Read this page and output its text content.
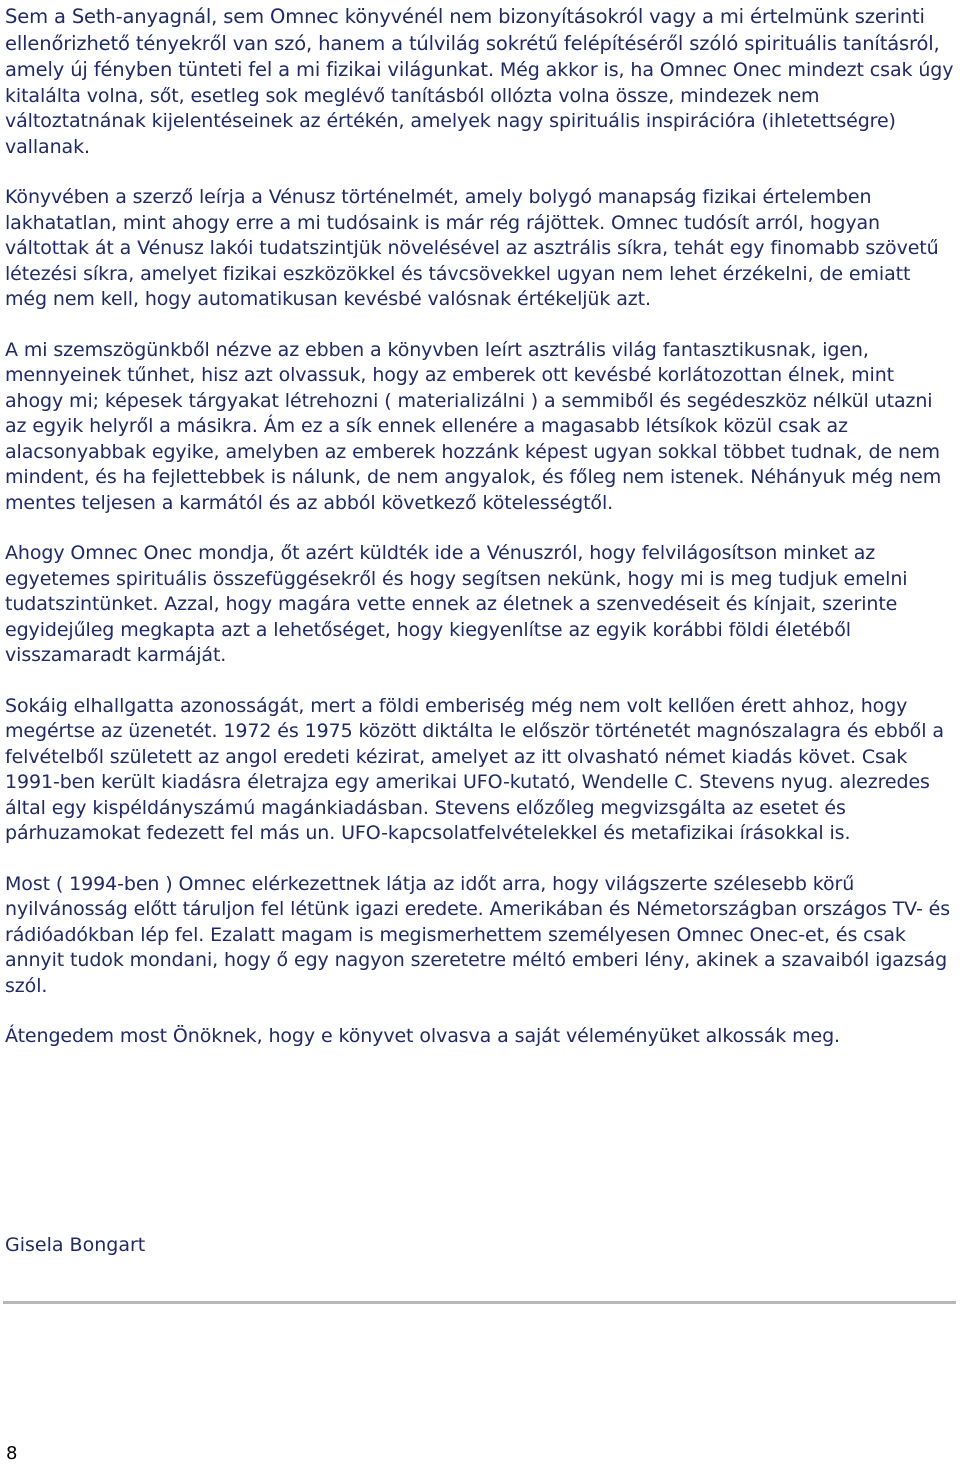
Sem a Seth-anyagnál, sem Omnec könyvénél nem bizonyításokról vagy a mi értelmünk szerinti ellenőrizhető tényekről van szó, hanem a túlvilág sokrétű felépítéséről szóló spirituális tanításról, amely új fényben tünteti fel a mi fizikai világunkat. Még akkor is, ha Omnec Onec mindezt csak úgy kitalálta volna, sőt, esetleg sok meglévő tanításból ollózta volna össze, mindezek nem változtatnának kijelentéseinek az értékén, amelyek nagy spirituális inspirációra (ihletettségre) vallanak.

Könyvében a szerző leírja a Vénusz történelmét, amely bolygó manapság fizikai értelemben lakhatatlan, mint ahogy erre a mi tudósaink is már rég rájöttek. Omnec tudósít arról, hogyan váltottak át a Vénusz lakói tudatszintjük növelésével az asztrális síkra, tehát egy finomabb szövetű létezési síkra, amelyet fizikai eszközökkel és távcsövekkel ugyan nem lehet érzékelni, de emiatt még nem kell, hogy automatikusan kevésbé valósnak értékeljük azt.

A mi szemszögünkből nézve az ebben a könyvben leírt asztrális világ fantasztikusnak, igen, mennyeinek tűnhet, hisz azt olvassuk, hogy az emberek ott kevésbé korlátozottan élnek, mint ahogy mi; képesek tárgyakat létrehozni ( materializálni ) a semmiből és segédeszköz nélkül utazni az egyik helyről a másikra. Ám ez a sík ennek ellenére a magasabb létsíkok közül csak az alacsonyabbak egyike, amelyben az emberek hozzánk képest ugyan sokkal többet tudnak, de nem mindent, és ha fejlettebbek is nálunk, de nem angyalok, és főleg nem istenek. Néhányuk még nem mentes teljesen a karmától és az abból következő kötelességtől.

Ahogy Omnec Onec mondja, őt azért küldték ide a Vénuszról, hogy felvilágosítson minket az egyetemes spirituális összefüggésekről és hogy segítsen nekünk, hogy mi is meg tudjuk emelni tudatszintünket. Azzal, hogy magára vette ennek az életnek a szenvedéseit és kínjait, szerinte egyidejűleg megkapta azt a lehetőséget, hogy kiegyenlítse az egyik korábbi földi életéből visszamaradt karmáját.

Sokáig elhallgatta azonosságát, mert a földi emberiség még nem volt kellően érett ahhoz, hogy megértse az üzenetét. 1972 és 1975 között diktálta le először történetét magnószalagra és ebből a felvételből született az angol eredeti kézirat, amelyet az itt olvasható német kiadás követ. Csak 1991-ben került kiadásra életrajza egy amerikai UFO-kutató, Wendelle C. Stevens nyug. alezredes által egy kispéldányszámú magánkiadásban. Stevens előzőleg megvizsgálta az esetet és párhuzamokat fedezett fel más un. UFO-kapcsolatfelvételekkel és metafizikai írásokkal is.

Most ( 1994-ben ) Omnec elérkezettnek látja az időt arra, hogy világszerte szélesebb körű nyilvánosság előtt táruljon fel létünk igazi eredete. Amerikában és Németországban országos TV- és rádióadókban lép fel. Ezalatt magam is megismerhettem személyesen Omnec Onec-et, és csak annyit tudok mondani, hogy ő egy nagyon szeretetre méltó emberi lény, akinek a szavaiból igazság szól.

Átengedem most Önöknek, hogy e könyvet olvasva a saját véleményüket alkossák meg.

Gisela Bongart
8
